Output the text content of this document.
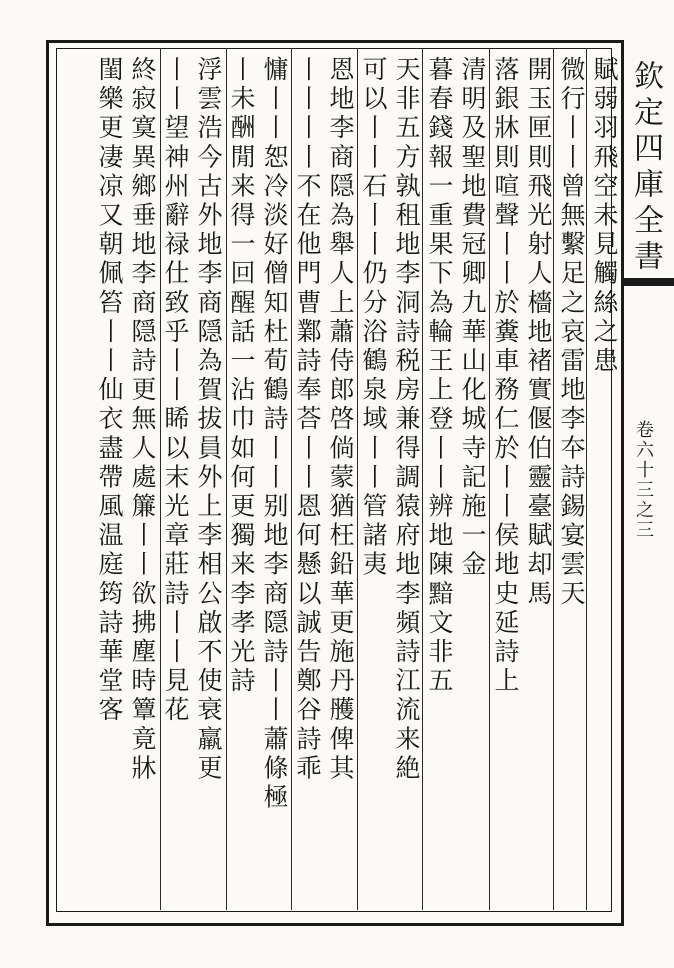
欽定四庫全書
卷六十三之三
賦弱羽飛空未見觸絲之患
微行丨丨曾無繫足之哀雷地李夲詩錫宴雲天
開玉匣則飛光射人檣地褚實偃伯靈臺賦却馬
落銀牀則喧聲丨丨於糞車務仁於丨丨侯地史延詩上
清明及聖地費冠卿九華山化城寺記施一金
暮春錢報一重果下為輪王上登丨丨辨地陳黯文非五
天非五方孰租地李洞詩税房兼得調猿府地李頻詩江流来絶
可以丨丨石丨丨仍分浴鶴泉域丨丨管諸夷
恩地李商隠為舉人上蕭侍郎啓倘蒙猶枉鉛華更施丹雘俾其
丨丨丨丨不在他門曹鄴詩奉荅丨丨恩何懸以誠告鄭谷詩乖
慵丨丨恕冷淡好僧知杜荀鶴詩丨丨别地李商隠詩丨丨蕭條極
丨未酬閒来得一回醒話一沾巾如何更獨来李孝光詩
浮雲浩今古外地李商隠為賀拔員外上李相公啟不使衰羸更
丨丨望神州辭禄仕致乎丨丨睎以末光章莊詩丨丨見花
終寂寞異鄉垂地李商隠詩更無人處簾丨丨欲拂塵時簟竟牀
閨樂更凄凉又朝佩笞丨丨仙衣盡帶風温庭筠詩華堂客
